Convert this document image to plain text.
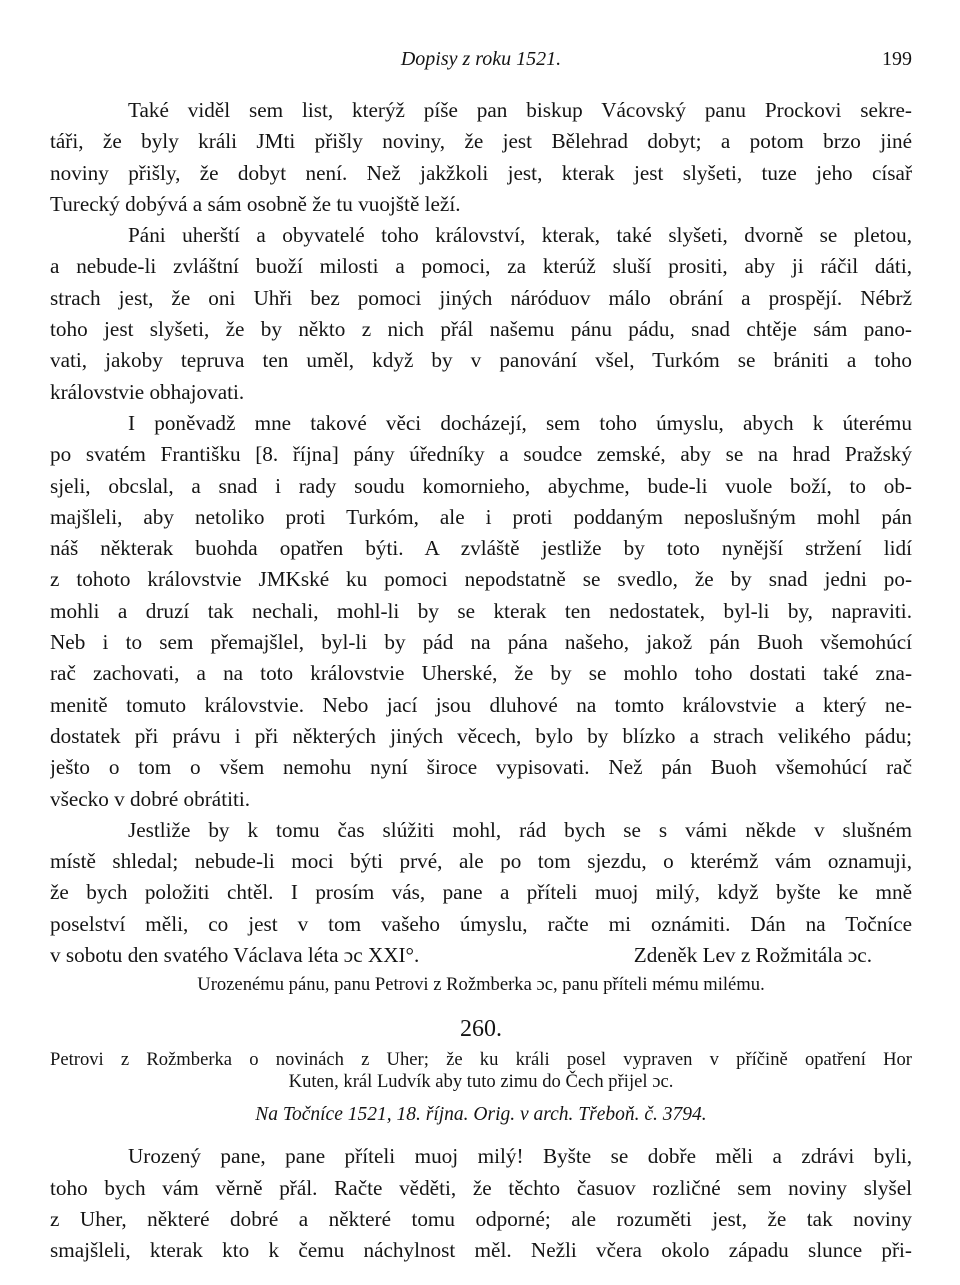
Dopisy z roku 1521.	199
Také viděl sem list, kterýž píše pan biskup Vácovský panu Prockovi sekre-
táři, že byly králi JMti přišly noviny, že jest Bělehrad dobyt; a potom brzo jiné
noviny přišly, že dobyt není. Než jakžkoli jest, kterak jest slyšeti, tuze jeho císař
Turecký dobývá a sám osobně že tu vuojště leží.
Páni uherští a obyvatelé toho království, kterak, také slyšeti, dvorně se pletou,
a nebude-li zvláštní buoží milosti a pomoci, za kterúž sluší prositi, aby ji ráčil dáti,
strach jest, že oni Uhři bez pomoci jiných náróduov málo obrání a prospějí. Nébrž
toho jest slyšeti, že by někto z nich přál našemu pánu pádu, snad chtěje sám pano-
vati, jakoby tepruva ten uměl, když by v panování všel, Turkóm se brániti a toho
královstvie obhajovati.
I poněvadž mne takové věci docházejí, sem toho úmyslu, abych k úterému
po svatém Františku [8. října] pány úředníky a soudce zemské, aby se na hrad Pražský
sjeli, obcslal, a snad i rady soudu komornieho, abychme, bude-li vuole boží, to ob-
majšleli, aby netoliko proti Turkóm, ale i proti poddaným neposlušným mohl pán
náš některak buohda opatřen býti. A zvláště jestliže by toto nynější stržení lidí
z tohoto královstvie JMKské ku pomoci nepodstatně se svedlo, že by snad jedni po-
mohli a druzí tak nechali, mohl-li by se kterak ten nedostatek, byl-li by, napraviti.
Neb i to sem přemajšlel, byl-li by pád na pána našeho, jakož pán Buoh všemohúcí
rač zachovati, a na toto královstvie Uherské, že by se mohlo toho dostati také zna-
menitě tomuto královstvie. Nebo jací jsou dluhové na tomto královstvie a který ne-
dostatek při právu i při některých jiných věcech, bylo by blízko a strach velikého pádu;
ješto o tom o všem nemohu nyní široce vypisovati. Než pán Buoh všemohúcí rač
všecko v dobré obrátiti.
Jestliže by k tomu čas slúžiti mohl, rád bych se s vámi někde v slušném
místě shledal; nebude-li moci býti prvé, ale po tom sjezdu, o kterémž vám oznamuji,
že bych položiti chtěl. I prosím vás, pane a příteli muoj milý, když byšte ke mně
poselství měli, co jest v tom vašeho úmyslu, račte mi oznámiti. Dán na Točníce
v sobotu den svatého Václava léta ɔc XXI°.	Zdeněk Lev z Rožmitála ɔc.
Urozenému pánu, panu Petrovi z Rožmberka ɔc, panu příteli mému milému.
260.
Petrovi z Rožmberka o novinách z Uher; že ku králi posel vypraven v příčině opatření Hor
Kuten, král Ludvík aby tuto zimu do Čech přijel ɔc.
Na Točníce 1521, 18. října. Orig. v arch. Třeboň. č. 3794.
Urozený pane, pane příteli muoj milý! Byšte se dobře měli a zdrávi byli,
toho bych vám věrně přál. Račte věděti, že těchto časuov rozličné sem noviny slyšel
z Uher, některé dobré a některé tomu odporné; ale rozuměti jest, že tak noviny
smajšleli, kterak kto k čemu náchylnost měl. Nežli včera okolo západu slunce při-
